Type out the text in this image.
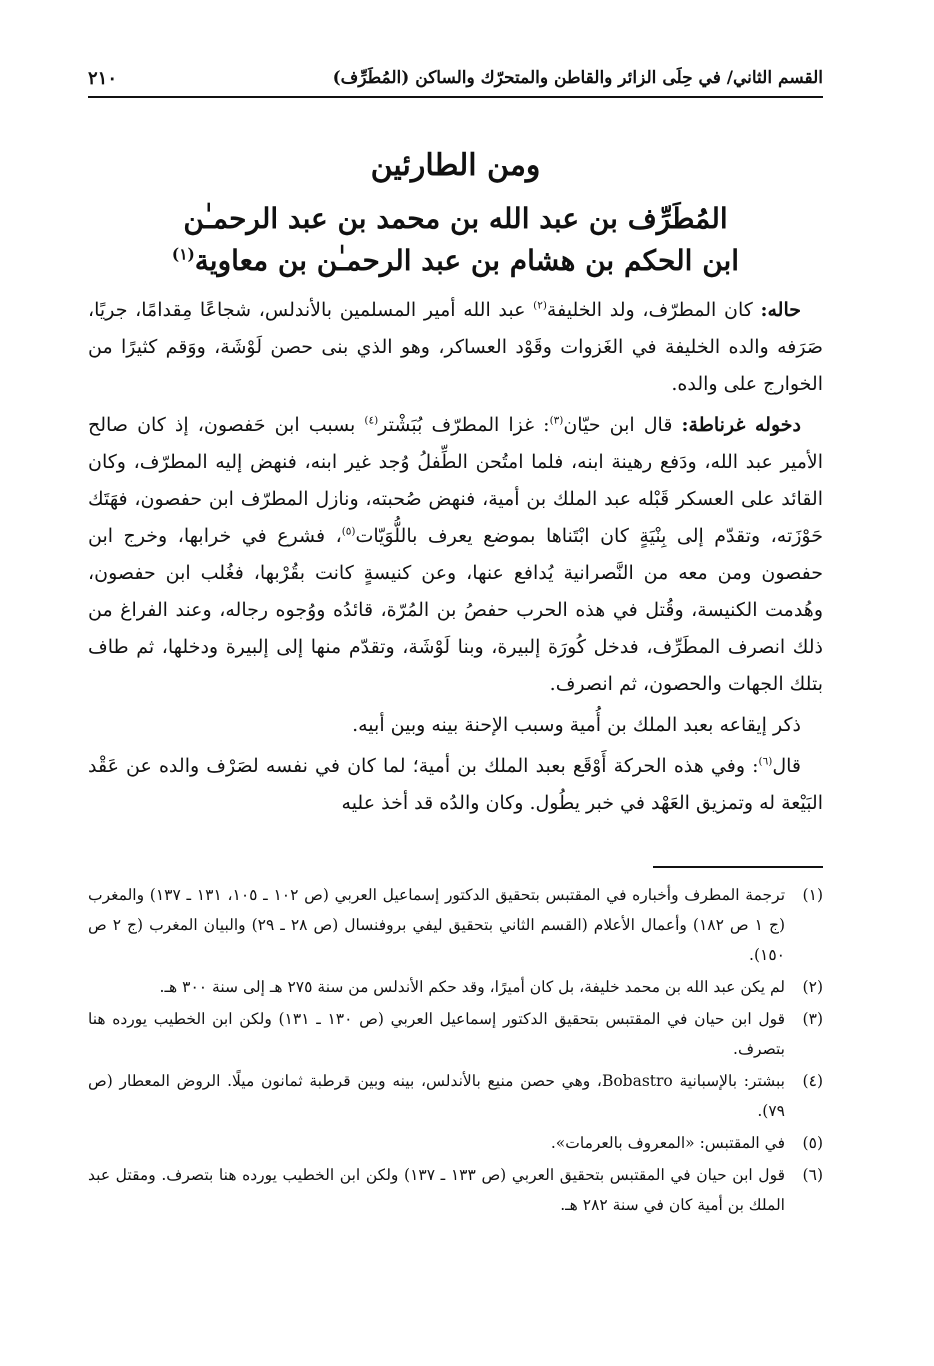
القسم الثاني/ في حِلَى الزائر والقاطن والمتحرّك والساكن (المُطَرِّف)
٢١٠
ومن الطارئين
المُطَرِّف بن عبد الله بن محمد بن عبد الرحمـٰن
ابن الحكم بن هشام بن عبد الرحمـٰن بن معاوية$^{(١)}$

حاله: كان المطرّف، ولد الخليفة$^{(٢)}$ عبد الله أمير المسلمين بالأندلس، شجاعًا مِقدامًا، جريًا، صَرَفه والده الخليفة في الغَزوات وقَوْد العساكر، وهو الذي بنى حصن لَوْشَة، ووَقم كثيرًا من الخوارج على والده.

دخوله غرناطة: قال ابن حيّان$^{(٣)}$: غزا المطرّف بُبَشْتر$^{(٤)}$ بسبب ابن حَفصون، إذ كان صالح الأمير عبد الله، ودَفع رهينة ابنه، فلما امتُحن الطِّفلُ وُجد غير ابنه، فنهض إليه المطرّف، وكان القائد على العسكر قَبْله عبد الملك بن أمية، فنهض صُحبته، ونازل المطرّف ابن حفصون، فهَتَك حَوْزَته، وتقدّم إلى بِنْيَةٍ كان ابْتَناها بموضع يعرف باللُّوَيّات$^{(٥)}$، فشرع في خرابها، وخرج ابن حفصون ومن معه من النَّصرانية يُدافع عنها، وعن كنيسةٍ كانت بقُرْبها، فغُلب ابن حفصون، وهُدمت الكنيسة، وقُتل في هذه الحرب حفصُ بن المُرّة، قائدُه ووُجوه رجاله، وعند الفراغ من ذلك انصرف المطَرِّف، فدخل كُورَة إلبيرة، وبنا لَوْشَة، وتقدّم منها إلى إلبيرة ودخلها، ثم طاف بتلك الجهات والحصون، ثم انصرف.

ذكر إيقاعه بعبد الملك بن أُمية وسبب الإحنة بينه وبين أبيه.

قال$^{(٦)}$: وفي هذه الحركة أَوْقَع بعبد الملك بن أمية؛ لما كان في نفسه لصَرْف والده عن عَقْد البَيْعة له وتمزيق العَهْد في خبر يطُول. وكان والدُه قد أخذ عليه

(١)
ترجمة المطرف وأخباره في المقتبس بتحقيق الدكتور إسماعيل العربي (ص ١٠٢ ـ ١٠٥، ١٣١ ـ ١٣٧) والمغرب (ج ١ ص ١٨٢) وأعمال الأعلام (القسم الثاني بتحقيق ليفي بروفنسال (ص ٢٨ ـ ٢٩) والبيان المغرب (ج ٢ ص ١٥٠).
(٢)
لم يكن عبد الله بن محمد خليفة، بل كان أميرًا، وقد حكم الأندلس من سنة ٢٧٥ هـ إلى سنة ٣٠٠ هـ.
(٣)
قول ابن حيان في المقتبس بتحقيق الدكتور إسماعيل العربي (ص ١٣٠ ـ ١٣١) ولكن ابن الخطيب يورده هنا بتصرف.
(٤)
ببشتر: بالإسبانية Bobastro، وهي حصن منيع بالأندلس، بينه وبين قرطبة ثمانون ميلًا. الروض المعطار (ص ٧٩).
(٥)
في المقتبس: «المعروف بالعرمات».
(٦)
قول ابن حيان في المقتبس بتحقيق العربي (ص ١٣٣ ـ ١٣٧) ولكن ابن الخطيب يورده هنا بتصرف. ومقتل عبد الملك بن أمية كان في سنة ٢٨٢ هـ.
